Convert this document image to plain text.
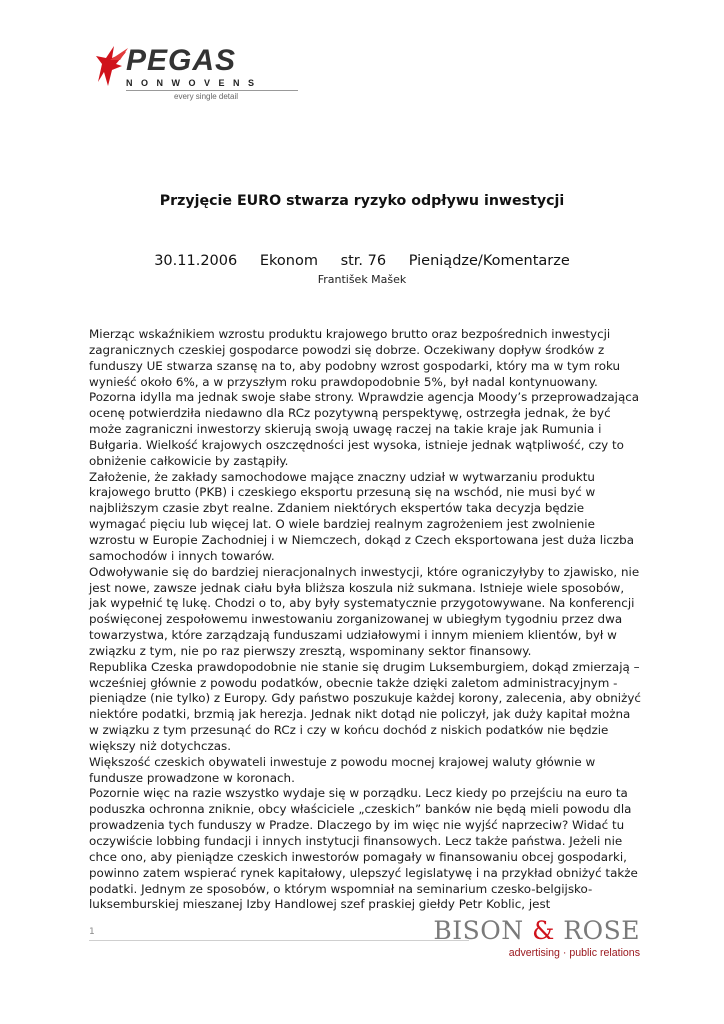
PEGAS
NONWOVENS
every single detail
Przyjęcie EURO stwarza ryzyko odpływu inwestycji
30.11.2006 Ekonom str. 76 Pieniądze/Komentarze
František Mašek

Mierząc wskaźnikiem wzrostu produktu krajowego brutto oraz bezpośrednich inwestycji zagranicznych czeskiej gospodarce powodzi się dobrze. Oczekiwany dopływ środków z funduszy UE stwarza szansę na to, aby podobny wzrost gospodarki, który ma w tym roku wynieść około 6%, a w przyszłym roku prawdopodobnie 5%, był nadal kontynuowany.

Pozorna idylla ma jednak swoje słabe strony. Wprawdzie agencja Moody’s przeprowadzająca ocenę potwierdziła niedawno dla RCz pozytywną perspektywę, ostrzegła jednak, że być może zagraniczni inwestorzy skierują swoją uwagę raczej na takie kraje jak Rumunia i Bułgaria. Wielkość krajowych oszczędności jest wysoka, istnieje jednak wątpliwość, czy to obniżenie całkowicie by zastąpiły.

Założenie, że zakłady samochodowe mające znaczny udział w wytwarzaniu produktu krajowego brutto (PKB) i czeskiego eksportu przesuną się na wschód, nie musi być w najbliższym czasie zbyt realne. Zdaniem niektórych ekspertów taka decyzja będzie wymagać pięciu lub więcej lat. O wiele bardziej realnym zagrożeniem jest zwolnienie wzrostu w Europie Zachodniej i w Niemczech, dokąd z Czech eksportowana jest duża liczba samochodów i innych towarów.

Odwoływanie się do bardziej nieracjonalnych inwestycji, które ograniczyłyby to zjawisko, nie jest nowe, zawsze jednak ciału była bliższa koszula niż sukmana. Istnieje wiele sposobów, jak wypełnić tę lukę. Chodzi o to, aby były systematycznie przygotowywane. Na konferencji poświęconej zespołowemu inwestowaniu zorganizowanej w ubiegłym tygodniu przez dwa towarzystwa, które zarządzają funduszami udziałowymi i innym mieniem klientów, był w związku z tym, nie po raz pierwszy zresztą, wspominany sektor finansowy.

Republika Czeska prawdopodobnie nie stanie się drugim Luksemburgiem, dokąd zmierzają – wcześniej głównie z powodu podatków, obecnie także dzięki zaletom administracyjnym - pieniądze (nie tylko) z Europy. Gdy państwo poszukuje każdej korony, zalecenia, aby obniżyć niektóre podatki, brzmią jak herezja. Jednak nikt dotąd nie policzył, jak duży kapitał można w związku z tym przesunąć do RCz i czy w końcu dochód z niskich podatków nie będzie większy niż dotychczas.

Większość czeskich obywateli inwestuje z powodu mocnej krajowej waluty głównie w fundusze prowadzone w koronach.

Pozornie więc na razie wszystko wydaje się w porządku. Lecz kiedy po przejściu na euro ta poduszka ochronna zniknie, obcy właściciele „czeskich” banków nie będą mieli powodu dla prowadzenia tych funduszy w Pradze. Dlaczego by im więc nie wyjść naprzeciw? Widać tu oczywiście lobbing fundacji i innych instytucji finansowych. Lecz także państwa. Jeżeli nie chce ono, aby pieniądze czeskich inwestorów pomagały w finansowaniu obcej gospodarki, powinno zatem wspierać rynek kapitałowy, ulepszyć legislatywę i na przykład obniżyć także podatki. Jednym ze sposobów, o którym wspomniał na seminarium czesko-belgijsko-luksemburskiej mieszanej Izby Handlowej szef praskiej giełdy Petr Koblic, jest

1	BISON & ROSE
advertising · public relations
